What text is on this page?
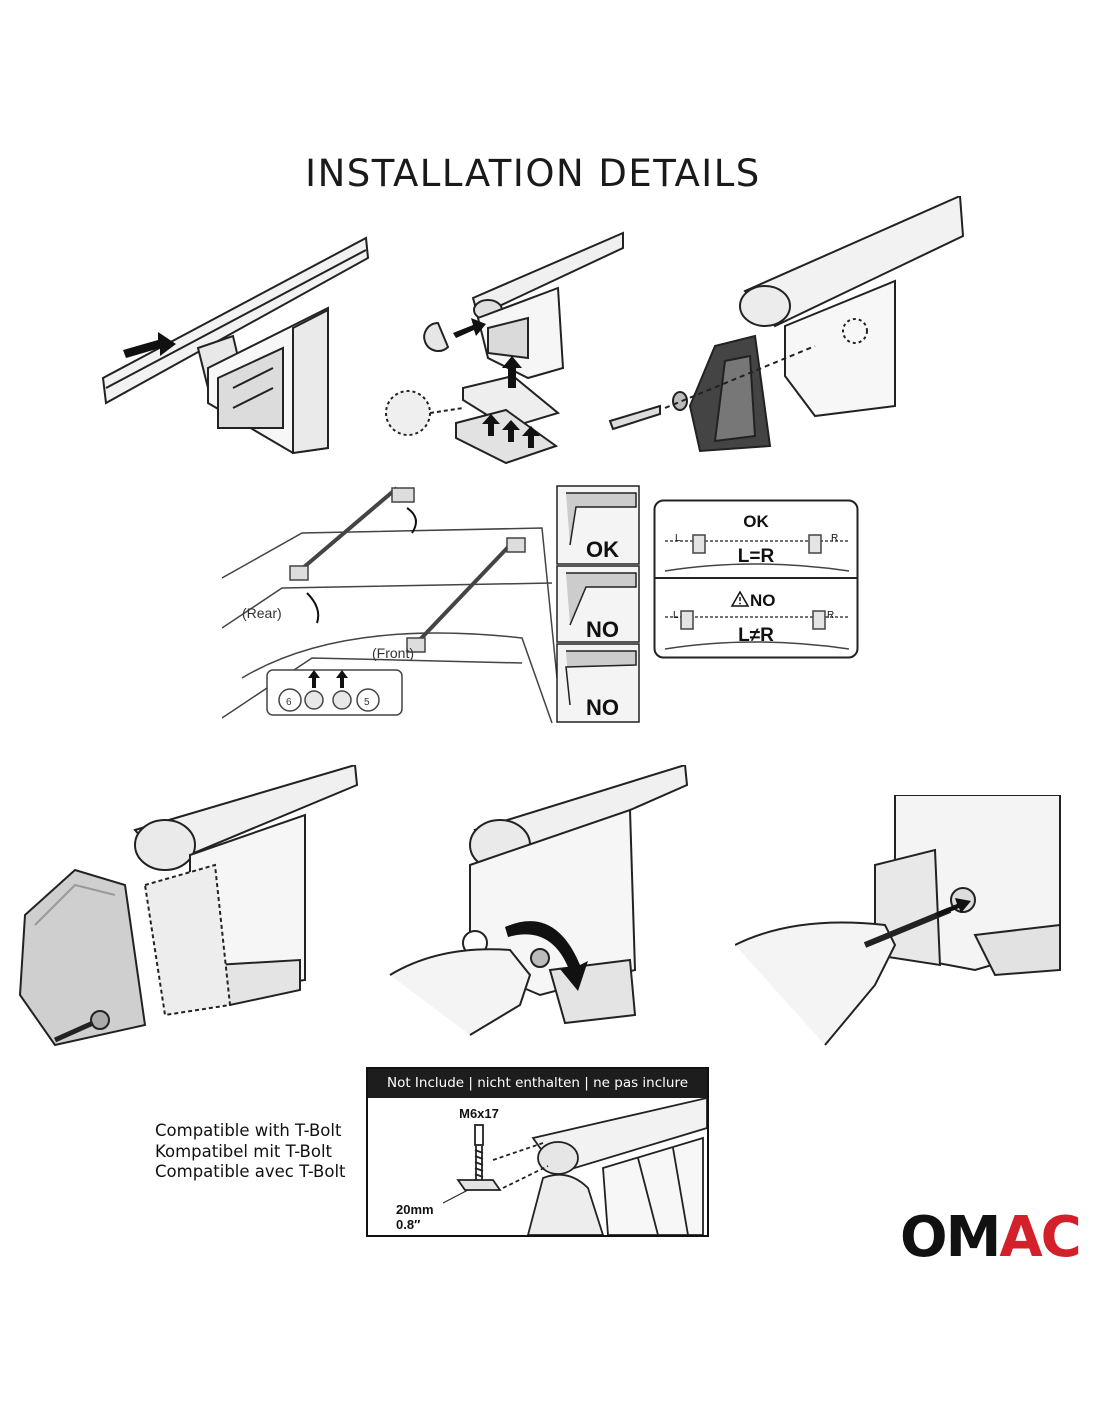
INSTALLATION DETAILS
(Rear)
(Front)
6	5
OK
NO
NO
OK
L=R
L	R
NO
L≠R
L	R
Compatible with T-Bolt
Kompatibel mit T-Bolt
Compatible avec T-Bolt
Not Include | nicht enthalten | ne pas inclure
M6x17
20mm
0.8″	OMAC
